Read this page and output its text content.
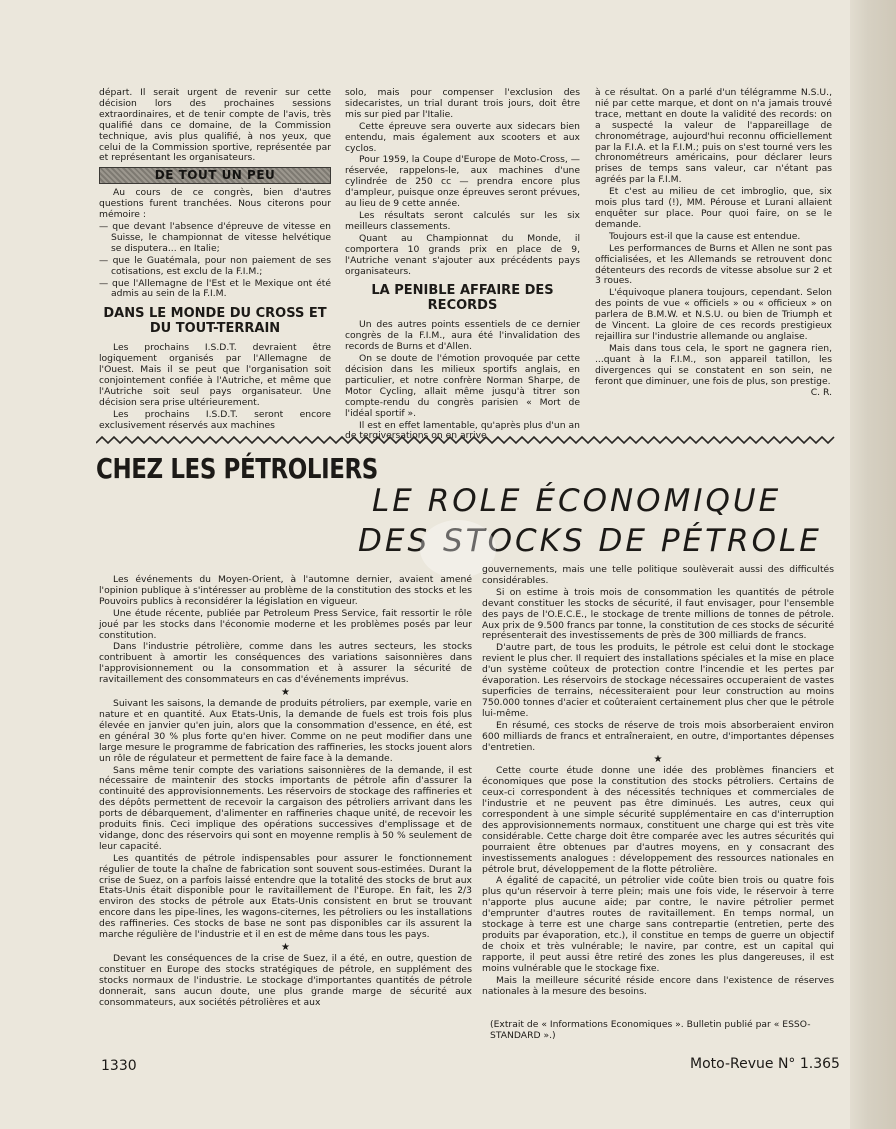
départ. Il serait urgent de revenir sur cette décision lors des prochaines sessions extraordinaires, et de tenir compte de l'avis, très qualifié dans ce domaine, de la Commission technique, avis plus qualifié, à nos yeux, que celui de la Commission sportive, représentée par et représentant les organisateurs.

DE TOUT UN PEU

Au cours de ce congrès, bien d'autres questions furent tranchées. Nous citerons pour mémoire :

— que devant l'absence d'épreuve de vitesse en Suisse, le championnat de vitesse helvétique se disputera... en Italie;

— que le Guatémala, pour non paiement de ses cotisations, est exclu de la F.I.M.;

— que l'Allemagne de l'Est et le Mexique ont été admis au sein de la F.I.M.

DANS LE MONDE DU CROSS ET DU TOUT-TERRAIN

Les prochains I.S.D.T. devraient être logiquement organisés par l'Allemagne de l'Ouest. Mais il se peut que l'organisation soit conjointement confiée à l'Autriche, et même que l'Autriche soit seul pays organisateur. Une décision sera prise ultérieurement.

Les prochains I.S.D.T. seront encore exclusivement réservés aux machines

solo, mais pour compenser l'exclusion des sidecaristes, un trial durant trois jours, doit être mis sur pied par l'Italie.

Cette épreuve sera ouverte aux sidecars bien entendu, mais également aux scooters et aux cyclos.

Pour 1959, la Coupe d'Europe de Moto-Cross, — réservée, rappelons-le, aux machines d'une cylindrée de 250 cc — prendra encore plus d'ampleur, puisque onze épreuves seront prévues, au lieu de 9 cette année.

Les résultats seront calculés sur les six meilleurs classements.

Quant au Championnat du Monde, il comportera 10 grands prix en place de 9, l'Autriche venant s'ajouter aux précédents pays organisateurs.

LA PENIBLE AFFAIRE DES RECORDS

Un des autres points essentiels de ce dernier congrès de la F.I.M., aura été l'invalidation des records de Burns et d'Allen.

On se doute de l'émotion provoquée par cette décision dans les milieux sportifs anglais, en particulier, et notre confrère Norman Sharpe, de Motor Cycling, allait même jusqu'à titrer son compte-rendu du congrès parisien « Mort de l'idéal sportif ».

Il est en effet lamentable, qu'après plus d'un an de tergiversations on en arrive

à ce résultat. On a parlé d'un télégramme N.S.U., nié par cette marque, et dont on n'a jamais trouvé trace, mettant en doute la validité des records: on a suspecté la valeur de l'appareillage de chronométrage, aujourd'hui reconnu officiellement par la F.I.A. et la F.I.M.; puis on s'est tourné vers les chronométreurs américains, pour déclarer leurs prises de temps sans valeur, car n'étant pas agréés par la F.I.M.

Et c'est au milieu de cet imbroglio, que, six mois plus tard (!), MM. Pérouse et Lurani allaient enquêter sur place. Pour quoi faire, on se le demande.

Toujours est-il que la cause est entendue.

Les performances de Burns et Allen ne sont pas officialisées, et les Allemands se retrouvent donc détenteurs des records de vitesse absolue sur 2 et 3 roues.

L'équivoque planera toujours, cependant. Selon des points de vue « officiels » ou « officieux » on parlera de B.M.W. et N.S.U. ou bien de Triumph et de Vincent. La gloire de ces records prestigieux rejaillira sur l'industrie allemande ou anglaise.

Mais dans tous cela, le sport ne gagnera rien, ...quant à la F.I.M., son appareil tatillon, les divergences qui se constatent en son sein, ne feront que diminuer, une fois de plus, son prestige.

C. R.

CHEZ LES PÉTROLIERS
LE ROLE ÉCONOMIQUE
DES STOCKS DE PÉTROLE

Les événements du Moyen-Orient, à l'automne dernier, avaient amené l'opinion publique à s'intéresser au problème de la constitution des stocks et les Pouvoirs publics à reconsidérer la législation en vigueur.

Une étude récente, publiée par Petroleum Press Service, fait ressortir le rôle joué par les stocks dans l'économie moderne et les problèmes posés par leur constitution.

Dans l'industrie pétrolière, comme dans les autres secteurs, les stocks contribuent à amortir les conséquences des variations saisonnières dans l'approvisionnement ou la consommation et à assurer la sécurité de ravitaillement des consommateurs en cas d'événements imprévus.

★

Suivant les saisons, la demande de produits pétroliers, par exemple, varie en nature et en quantité. Aux Etats-Unis, la demande de fuels est trois fois plus élevée en janvier qu'en juin, alors que la consommation d'essence, en été, est en général 30 % plus forte qu'en hiver. Comme on ne peut modifier dans une large mesure le programme de fabrication des raffineries, les stocks jouent alors un rôle de régulateur et permettent de faire face à la demande.

Sans même tenir compte des variations saisonnières de la demande, il est nécessaire de maintenir des stocks importants de pétrole afin d'assurer la continuité des approvisionnements. Les réservoirs de stockage des raffineries et des dépôts permettent de recevoir la cargaison des pétroliers arrivant dans les ports de débarquement, d'alimenter en raffineries chaque unité, de recevoir les produits finis. Ceci implique des opérations successives d'emplissage et de vidange, donc des réservoirs qui sont en moyenne remplis à 50 % seulement de leur capacité.

Les quantités de pétrole indispensables pour assurer le fonctionnement régulier de toute la chaîne de fabrication sont souvent sous-estimées. Durant la crise de Suez, on a parfois laissé entendre que la totalité des stocks de brut aux Etats-Unis était disponible pour le ravitaillement de l'Europe. En fait, les 2/3 environ des stocks de pétrole aux Etats-Unis consistent en brut se trouvant encore dans les pipe-lines, les wagons-citernes, les pétroliers ou les installations des raffineries. Ces stocks de base ne sont pas disponibles car ils assurent la marche régulière de l'industrie et il en est de même dans tous les pays.

★

Devant les conséquences de la crise de Suez, il a été, en outre, question de constituer en Europe des stocks stratégiques de pétrole, en supplément des stocks normaux de l'industrie. Le stockage d'importantes quantités de pétrole donnerait, sans aucun doute, une plus grande marge de sécurité aux consommateurs, aux sociétés pétrolières et aux

gouvernements, mais une telle politique soulèverait aussi des difficultés considérables.

Si on estime à trois mois de consommation les quantités de pétrole devant constituer les stocks de sécurité, il faut envisager, pour l'ensemble des pays de l'O.E.C.E., le stockage de trente millions de tonnes de pétrole. Aux prix de 9.500 francs par tonne, la constitution de ces stocks de sécurité représenterait des investissements de près de 300 milliards de francs.

D'autre part, de tous les produits, le pétrole est celui dont le stockage revient le plus cher. Il requiert des installations spéciales et la mise en place d'un système coûteux de protection contre l'incendie et les pertes par évaporation. Les réservoirs de stockage nécessaires occuperaient de vastes superficies de terrains, nécessiteraient pour leur construction au moins 750.000 tonnes d'acier et coûteraient certainement plus cher que le pétrole lui-même.

En résumé, ces stocks de réserve de trois mois absorberaient environ 600 milliards de francs et entraîneraient, en outre, d'importantes dépenses d'entretien.

★

Cette courte étude donne une idée des problèmes financiers et économiques que pose la constitution des stocks pétroliers. Certains de ceux-ci correspondent à des nécessités techniques et commerciales de l'industrie et ne peuvent pas être diminués. Les autres, ceux qui correspondent à une simple sécurité supplémentaire en cas d'interruption des approvisionnements normaux, constituent une charge qui est très vite considérable. Cette charge doit être comparée avec les autres sécurités qui pourraient être obtenues par d'autres moyens, en y consacrant des investissements analogues : développement des ressources nationales en pétrole brut, développement de la flotte pétrolière.

A égalité de capacité, un pétrolier vide coûte bien trois ou quatre fois plus qu'un réservoir à terre plein; mais une fois vide, le réservoir à terre n'apporte plus aucune aide; par contre, le navire pétrolier permet d'emprunter d'autres routes de ravitaillement. En temps normal, un stockage à terre est une charge sans contrepartie (entretien, perte des produits par évaporation, etc.), il constitue en temps de guerre un objectif de choix et très vulnérable; le navire, par contre, est un capital qui rapporte, il peut aussi être retiré des zones les plus dangereuses, il est moins vulnérable que le stockage fixe.

Mais la meilleure sécurité réside encore dans l'existence de réserves nationales à la mesure des besoins.

(Extrait de « Informations Economiques ». Bulletin publié par « ESSO-STANDARD ».)
1330	Moto-Revue N° 1.365
